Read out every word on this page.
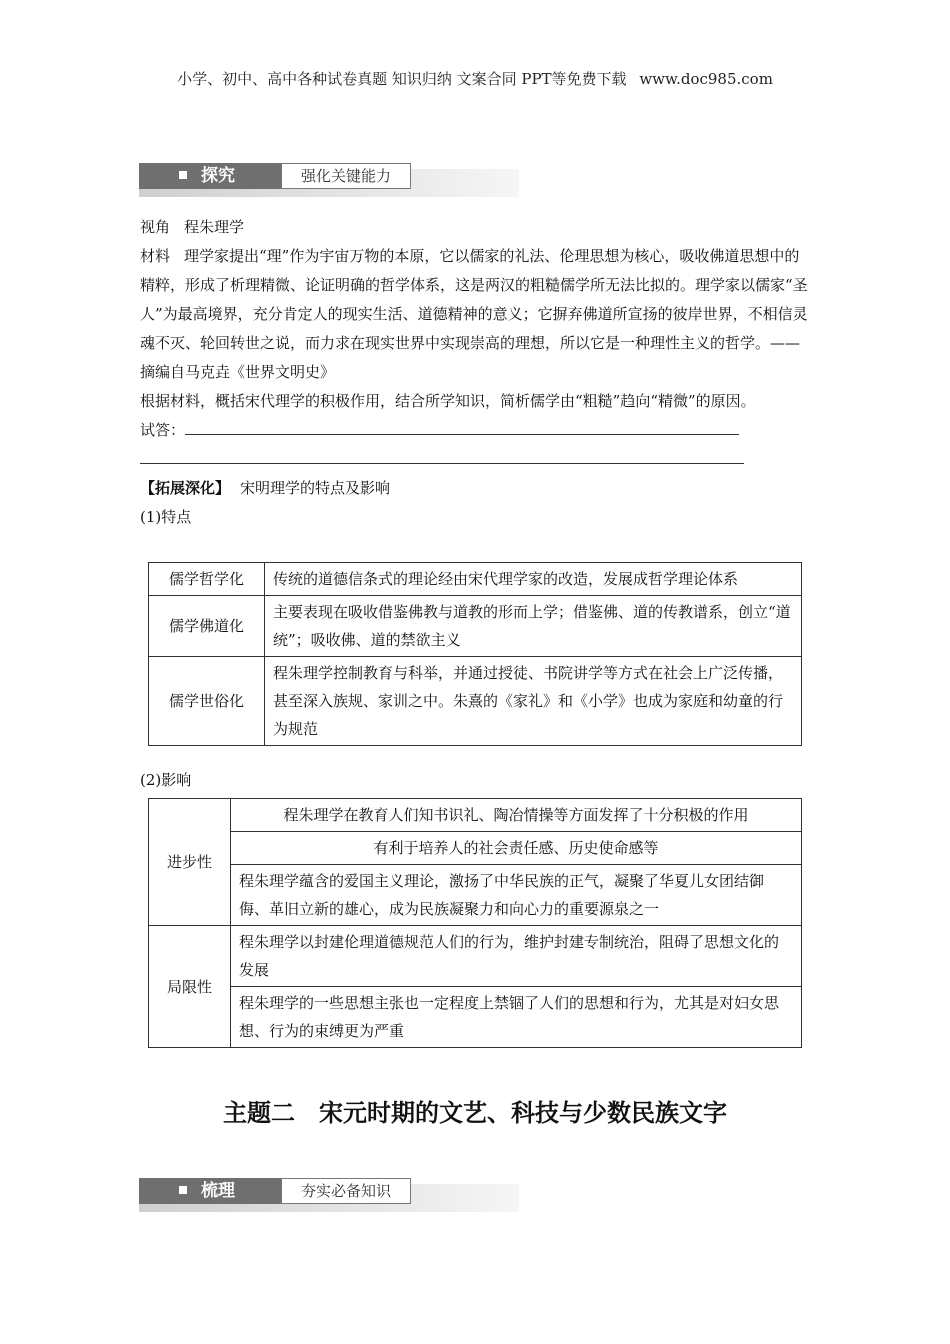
小学、初中、高中各种试卷真题 知识归纳 文案合同 PPT等免费下载 www.doc985.com
探究	强化关键能力

视角 程朱理学

材料 理学家提出“理”作为宇宙万物的本原，它以儒家的礼法、伦理思想为核心，吸收佛道思想中的精粹，形成了析理精微、论证明确的哲学体系，这是两汉的粗糙儒学所无法比拟的。理学家以儒家“圣人”为最高境界，充分肯定人的现实生活、道德精神的意义；它摒弃佛道所宣扬的彼岸世界，不相信灵魂不灭、轮回转世之说，而力求在现实世界中实现崇高的理想，所以它是一种理性主义的哲学。——摘编自马克垚《世界文明史》

根据材料，概括宋代理学的积极作用，结合所学知识，简析儒学由“粗糙”趋向“精微”的原因。

试答：

【拓展深化】 宋明理学的特点及影响

(1)特点

儒学哲学化	传统的道德信条式的理论经由宋代理学家的改造，发展成哲学理论体系
儒学佛道化	主要表现在吸收借鉴佛教与道教的形而上学；借鉴佛、道的传教谱系，创立“道统”；吸收佛、道的禁欲主义
儒学世俗化	程朱理学控制教育与科举，并通过授徒、书院讲学等方式在社会上广泛传播，甚至深入族规、家训之中。朱熹的《家礼》和《小学》也成为家庭和幼童的行为规范
(2)影响
进步性	程朱理学在教育人们知书识礼、陶冶情操等方面发挥了十分积极的作用
	有利于培养人的社会责任感、历史使命感等
	程朱理学蕴含的爱国主义理论，激扬了中华民族的正气，凝聚了华夏儿女团结御侮、革旧立新的雄心，成为民族凝聚力和向心力的重要源泉之一
局限性	程朱理学以封建伦理道德规范人们的行为，维护封建专制统治，阻碍了思想文化的发展
	程朱理学的一些思想主张也一定程度上禁锢了人们的思想和行为，尤其是对妇女思想、行为的束缚更为严重
主题二　宋元时期的文艺、科技与少数民族文字
梳理	夯实必备知识
